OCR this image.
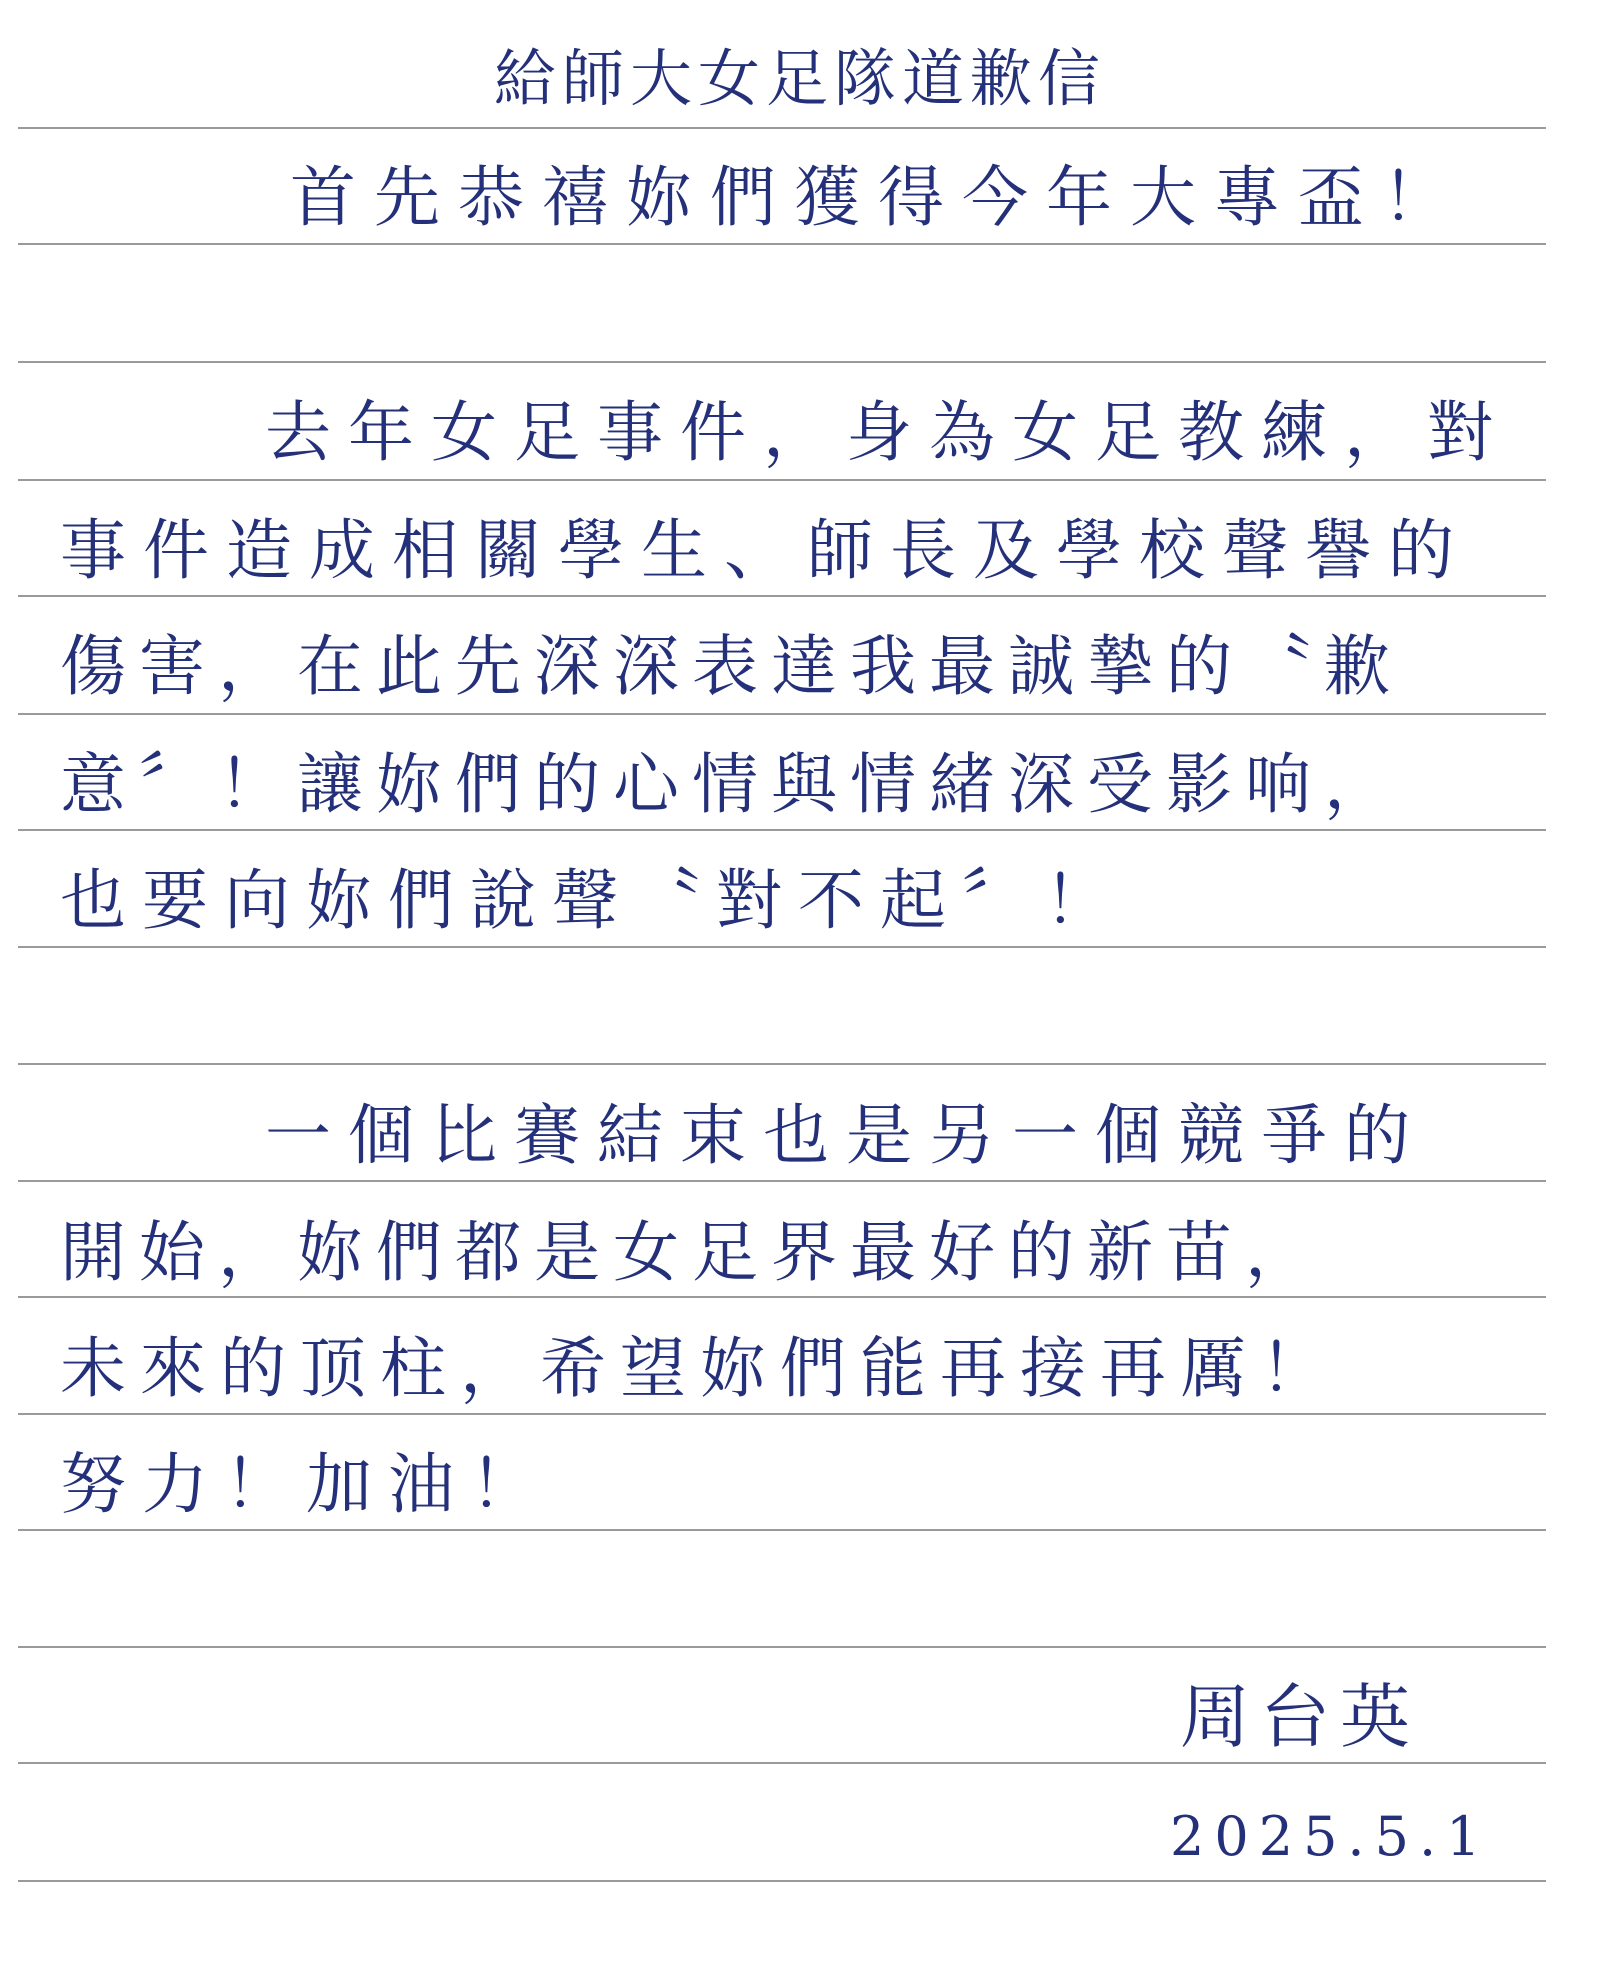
給師大女足隊道歉信
首先恭禧妳們獲得今年大專盃！
去年女足事件，身為女足教練，對
事件造成相關學生、師長及學校聲譽的
傷害，在此先深深表達我最誠摯的〝歉
意〞！讓妳們的心情與情緒深受影响，
也要向妳們說聲〝對不起〞！
一個比賽結束也是另一個競爭的
開始，妳們都是女足界最好的新苗，
未來的顶柱，希望妳們能再接再厲！
努力！加油！
周台英
2025.5.1
